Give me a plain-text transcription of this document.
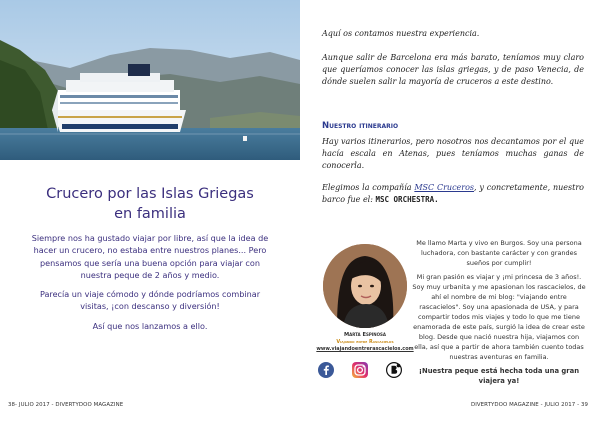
Crucero por las Islas Griegas
en familia

Siempre nos ha gustado viajar por libre, así que la idea de hacer un crucero, no estaba entre nuestros planes... Pero pensamos que sería una buena opción para viajar con nuestra peque de 2 años y medio.

Parecía un viaje cómodo y dónde podríamos combinar visitas, ¡con descanso y diversión!

Así que nos lanzamos a ello.

38- JULIO 2017 - DIVERTYDOO MAGAZINE

Aquí os contamos nuestra experiencia.

Aunque salir de Barcelona era más barato, teníamos muy claro que queríamos conocer las islas griegas, y de paso Venecia, de dónde suelen salir la mayoría de cruceros a este destino.

Nuestro itinerario

Hay varios itinerarios, pero nosotros nos decantamos por el que hacía escala en Atenas, pues teníamos muchas ganas de conocerla.

Elegimos la compañía MSC Cruceros, y concretamente, nuestro barco fue el: MSC ORCHESTRA.

Marta Espinosa
Viajando entre Rascacielos
www.viajandoentrerascacielos.com

Me llamo Marta y vivo en Burgos. Soy una persona luchadora, con bastante carácter y con grandes sueños por cumplir!

Mi gran pasión es viajar y ¡mi princesa de 3 años!. Soy muy urbanita y me apasionan los rascacielos, de ahí el nombre de mi blog: "viajando entre rascacielos". Soy una apasionada de USA, y para compartir todos mis viajes y todo lo que me tiene enamorada de este país, surgió la idea de crear este blog. Desde que nació nuestra hija, viajamos con ella, así que a partir de ahora también cuento todas nuestras aventuras en familia.

¡Nuestra peque está hecha toda una gran viajera ya!

DIVERTYDOO MAGAZINE - JULIO 2017 - 39
